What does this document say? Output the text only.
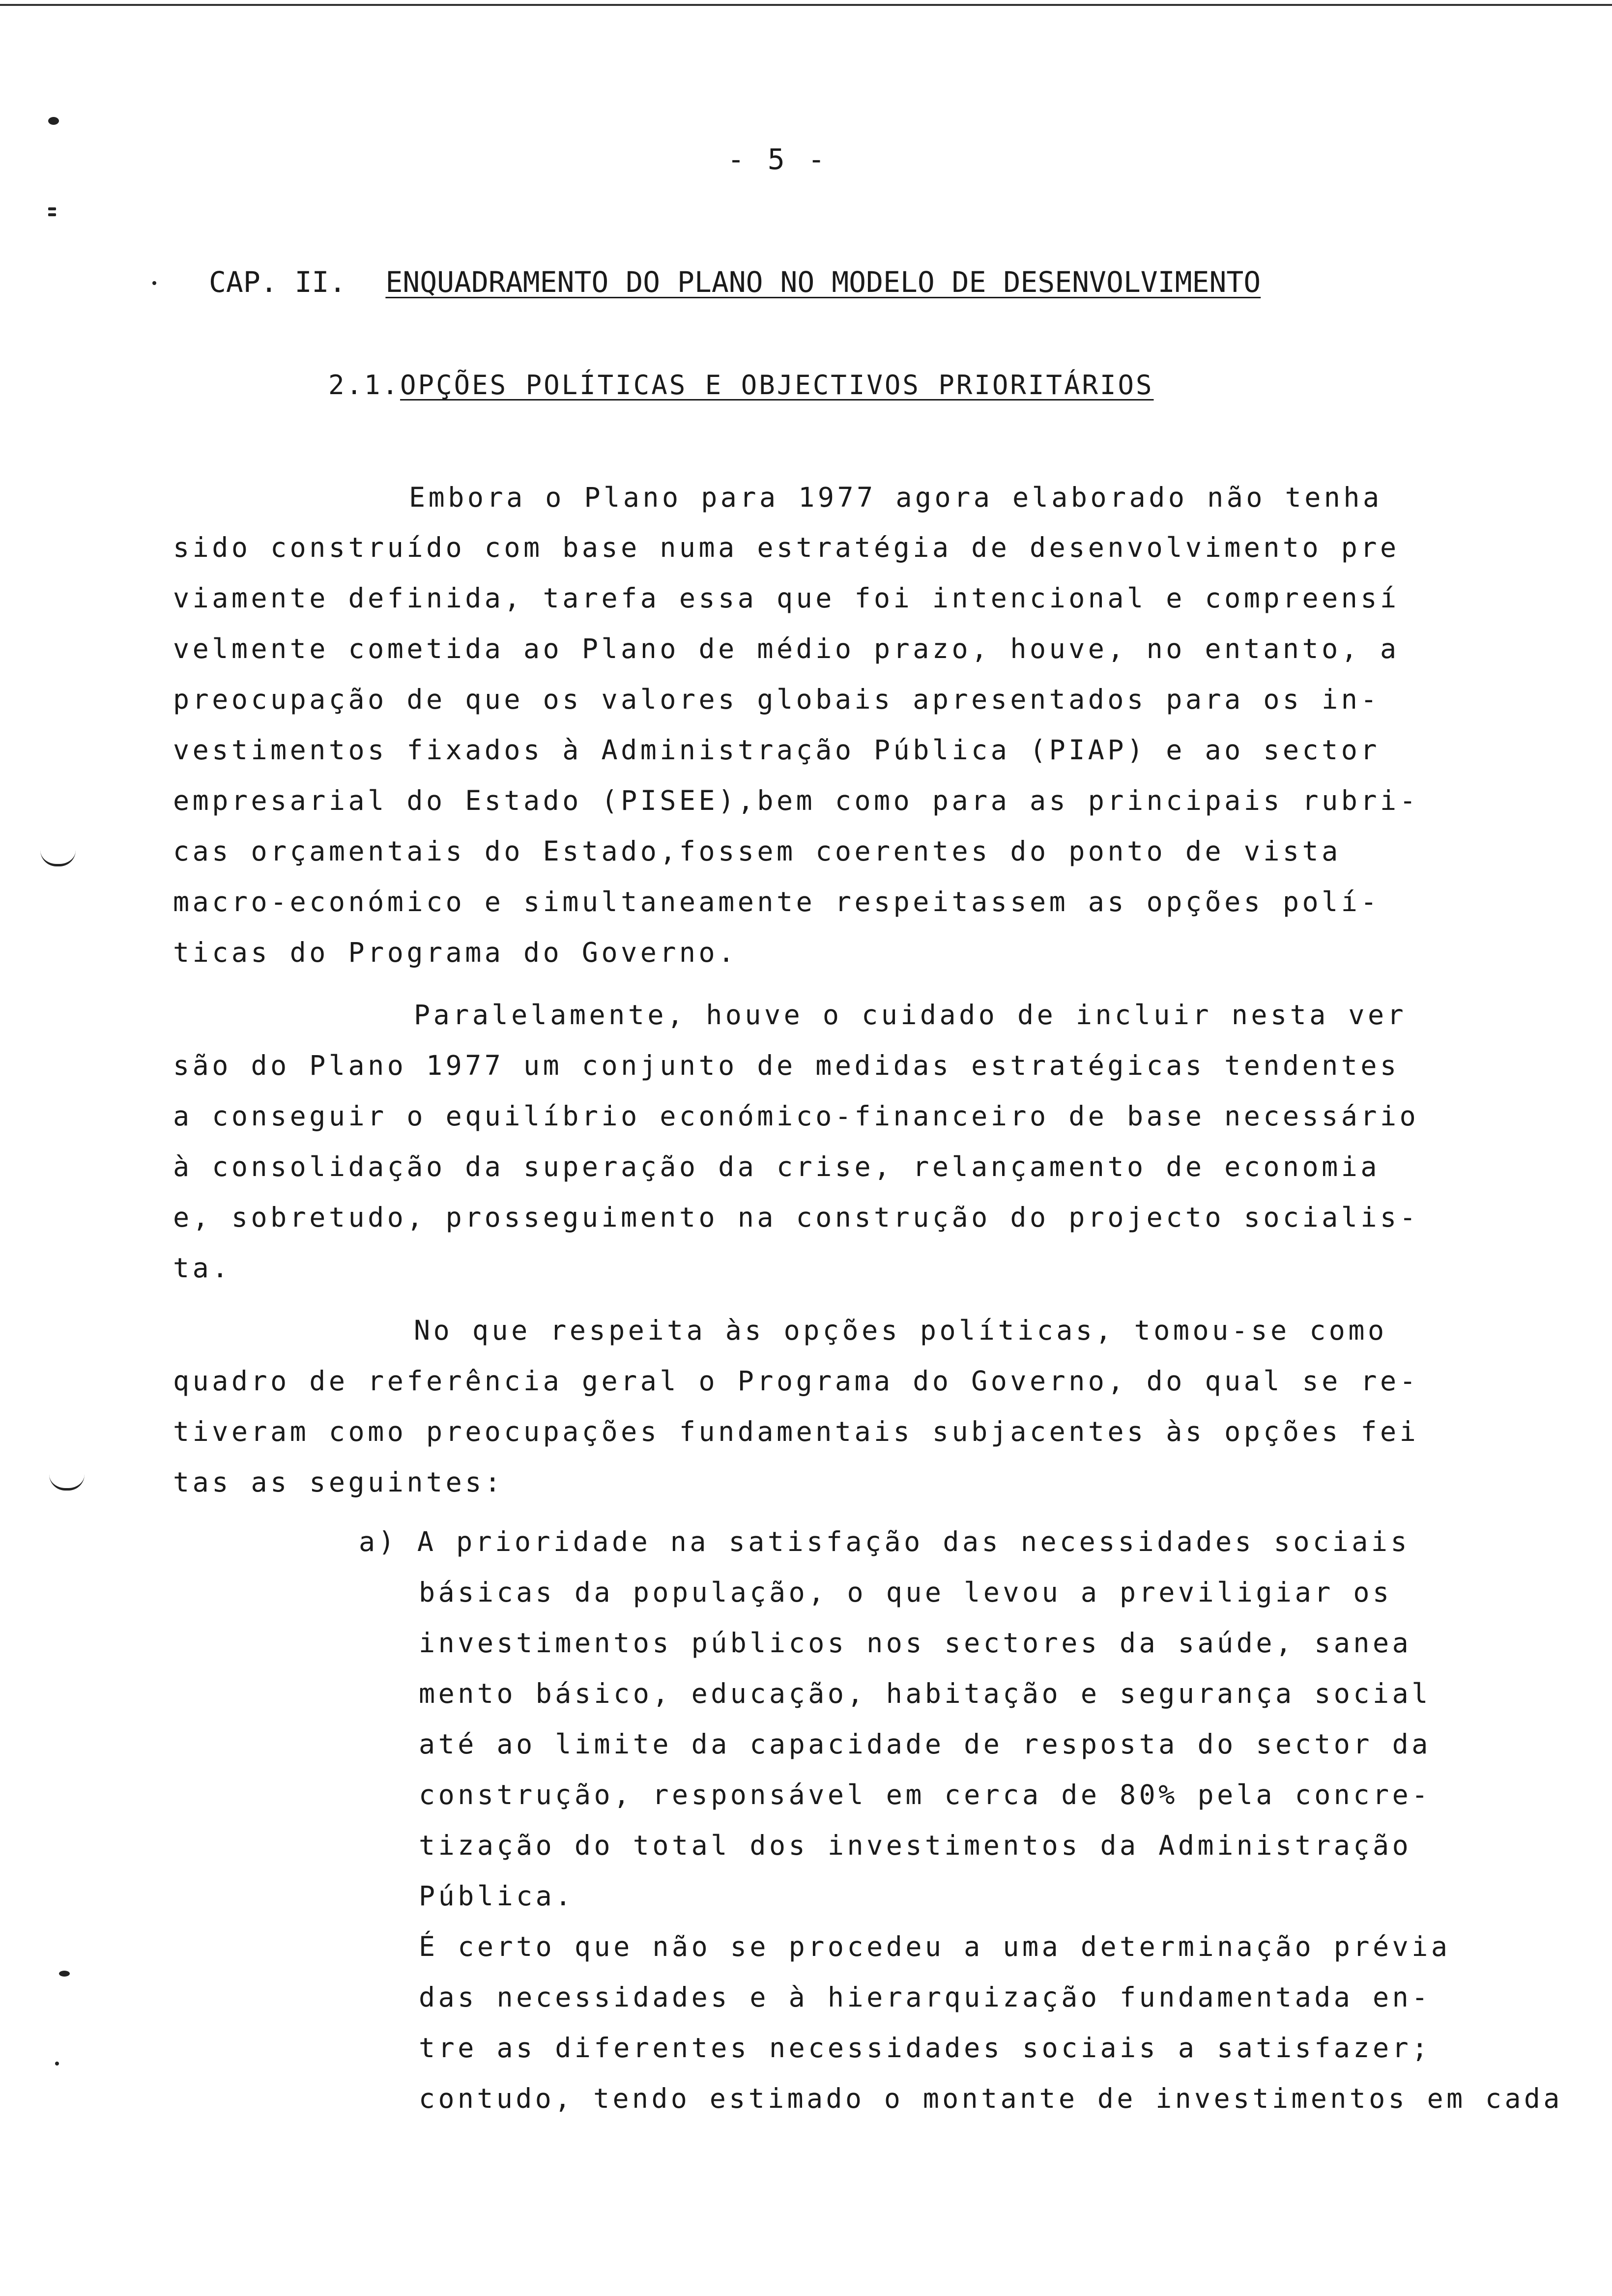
- 5 -
CAP. II. ENQUADRAMENTO DO PLANO NO MODELO DE DESENVOLVIMENTO
2.1.OPÇÕES POLÍTICAS E OBJECTIVOS PRIORITÁRIOS
Embora o Plano para 1977 agora elaborado não tenha
sido construído com base numa estratégia de desenvolvimento pre
viamente definida, tarefa essa que foi intencional e compreensí
velmente cometida ao Plano de médio prazo, houve, no entanto, a
preocupação de que os valores globais apresentados para os in-
vestimentos fixados à Administração Pública (PIAP) e ao sector
empresarial do Estado (PISEE),bem como para as principais rubri-
cas orçamentais do Estado,fossem coerentes do ponto de vista
macro-económico e simultaneamente respeitassem as opções polí-
ticas do Programa do Governo.
Paralelamente, houve o cuidado de incluir nesta ver
são do Plano 1977 um conjunto de medidas estratégicas tendentes
a conseguir o equilíbrio económico-financeiro de base necessário
à consolidação da superação da crise, relançamento de economia
e, sobretudo, prosseguimento na construção do projecto socialis-
ta.
No que respeita às opções políticas, tomou-se como
quadro de referência geral o Programa do Governo, do qual se re-
tiveram como preocupações fundamentais subjacentes às opções fei
tas as seguintes:
a) A prioridade na satisfação das necessidades sociais
básicas da população, o que levou a previligiar os
investimentos públicos nos sectores da saúde, sanea
mento básico, educação, habitação e segurança social
até ao limite da capacidade de resposta do sector da
construção, responsável em cerca de 80% pela concre-
tização do total dos investimentos da Administração
Pública.
É certo que não se procedeu a uma determinação prévia
das necessidades e à hierarquização fundamentada en-
tre as diferentes necessidades sociais a satisfazer;
contudo, tendo estimado o montante de investimentos em cada
